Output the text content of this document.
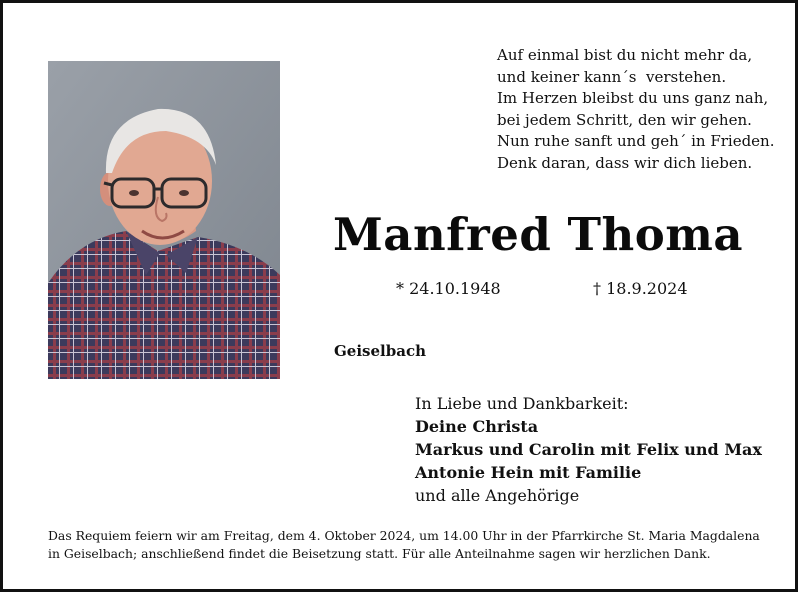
Auf einmal bist du nicht mehr da,
und keiner kann´s  verstehen.
Im Herzen bleibst du uns ganz nah,
bei jedem Schritt, den wir gehen.
Nun ruhe sanft und geh´ in Frieden.
Denk daran, dass wir dich lieben.
Manfred Thoma
* 24.10.1948	† 18.9.2024
Geiselbach
In Liebe und Dankbarkeit:
Deine Christa
Markus und Carolin mit Felix und Max
Antonie Hein mit Familie
und alle Angehörige
Das Requiem feiern wir am Freitag, dem 4. Oktober 2024, um 14.00 Uhr in der Pfarrkirche St. Maria Magdalena
in Geiselbach; anschließend findet die Beisetzung statt. Für alle Anteilnahme sagen wir herzlichen Dank.
